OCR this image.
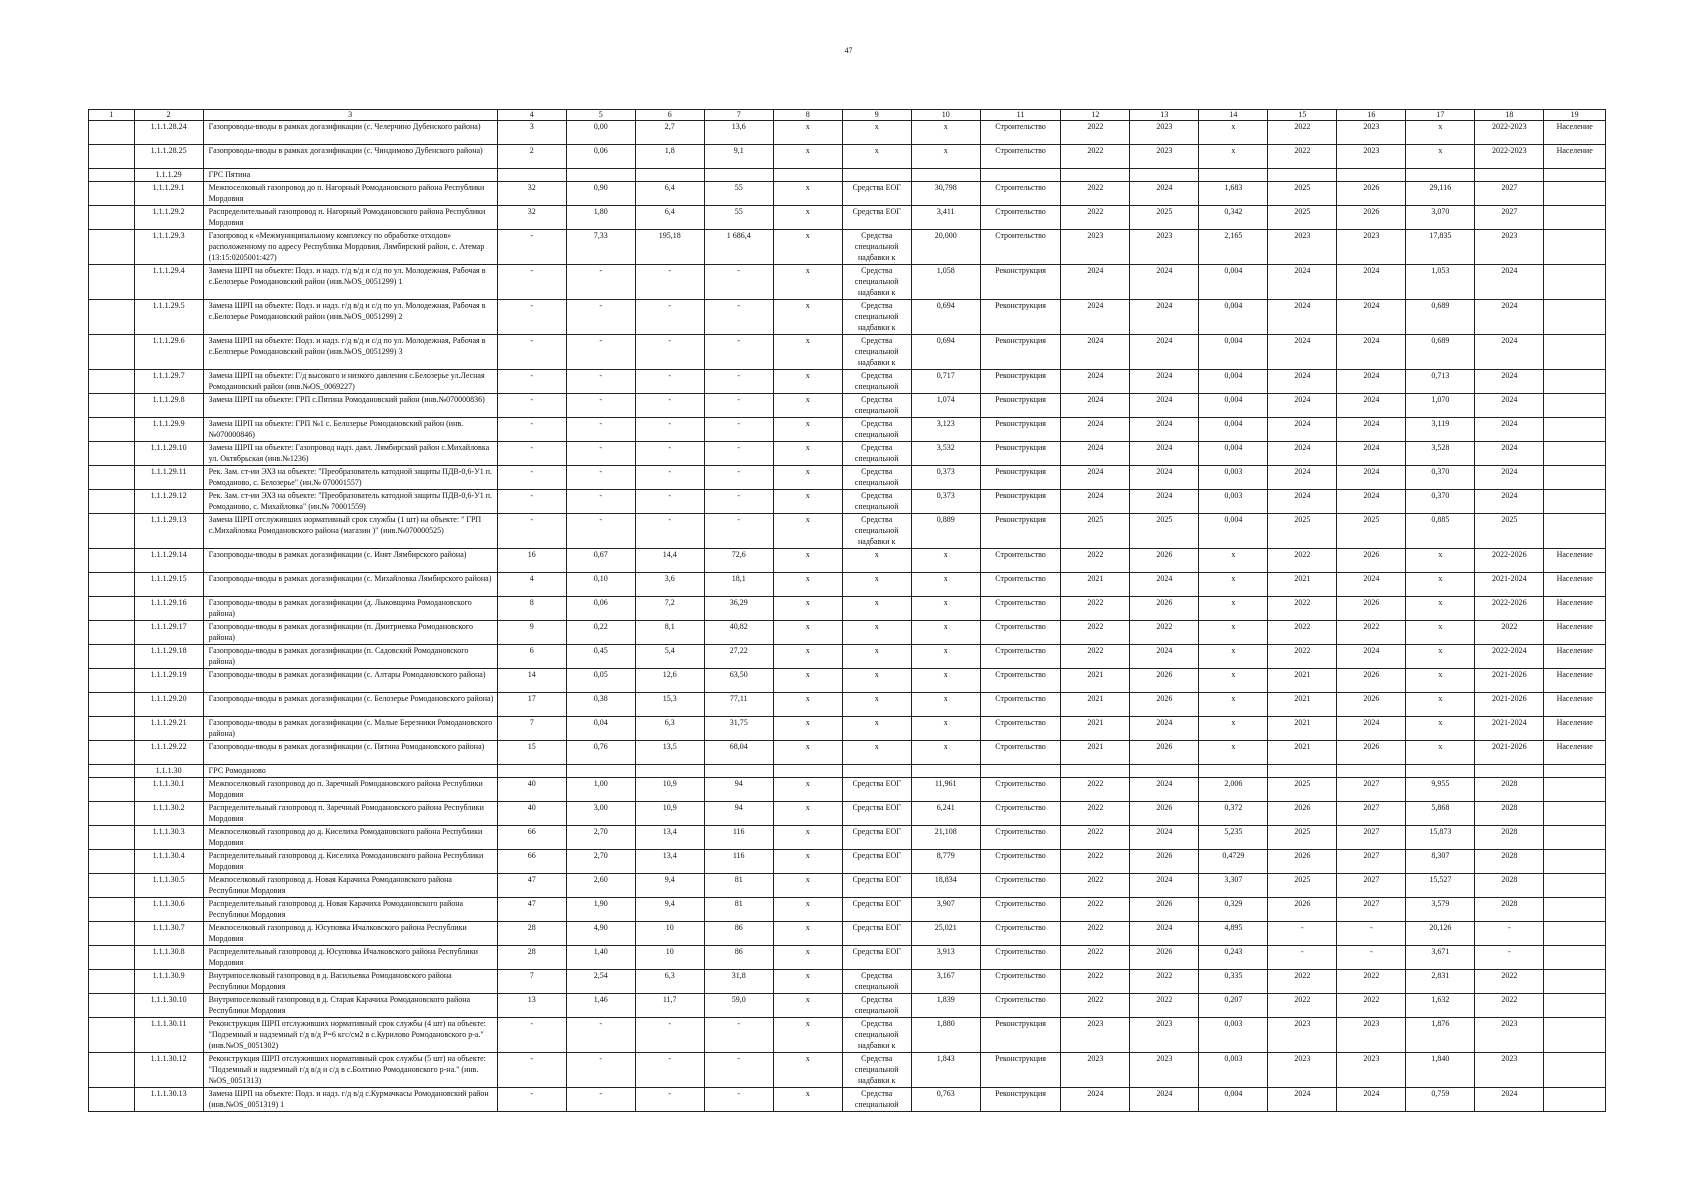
47
1	2	3	4	5	6	7	8	9	10	11	12	13	14	15	16	17	18	19
	1.1.1.28.24	Газопроводы-вводы в рамках догазификации (с. Челерчино Дубенского района)	3	0,00	2,7	13,6	x	x	x	Строительство	2022	2023	x	2022	2023	x	2022-2023	Население
	1.1.1.28.25	Газопроводы-вводы в рамках догазификации (с. Чиндимово Дубенского района)	2	0,06	1,8	9,1	x	x	x	Строительство	2022	2023	x	2022	2023	x	2022-2023	Население
	1.1.1.29	ГРС Пятина																
	1.1.1.29.1	Межпоселковый газопровод до п. Нагорный Ромодановского района Республики Мордовия	32	0,90	6,4	55	x	Средства ЕОГ	30,798	Строительство	2022	2024	1,683	2025	2026	29,116	2027	
	1.1.1.29.2	Распределительный газопровод п. Нагорный Ромодановского района Республики Мордовия	32	1,80	6,4	55	x	Средства ЕОГ	3,411	Строительство	2022	2025	0,342	2025	2026	3,070	2027	
	1.1.1.29.3	Газопровод к «Межмуниципальному комплексу по обработке отходов» расположенному по адресу Республика Мордовия, Лямбирский район, с. Атемар (13:15:0205001:427)	-	7,33	195,18	1 686,4	x	Средства специальной надбавки к	20,000	Строительство	2023	2023	2,165	2023	2023	17,835	2023	
	1.1.1.29.4	Замена ШРП на объекте: Подз. и надз. г/д в/д и с/д по ул. Молодежная, Рабочая в с.Белозерье Ромодановский район (инв.№OS_0051299) 1	-	-	-	-	x	Средства специальной надбавки к	1,058	Реконструкция	2024	2024	0,004	2024	2024	1,053	2024	
	1.1.1.29.5	Замена ШРП на объекте: Подз. и надз. г/д в/д и с/д по ул. Молодежная, Рабочая в с.Белозерье Ромодановский район (инв.№OS_0051299) 2	-	-	-	-	x	Средства специальной надбавки к	0,694	Реконструкция	2024	2024	0,004	2024	2024	0,689	2024	
	1.1.1.29.6	Замена ШРП на объекте: Подз. и надз. г/д в/д и с/д по ул. Молодежная, Рабочая в с.Белозерье Ромодановский район (инв.№OS_0051299) 3	-	-	-	-	x	Средства специальной надбавки к	0,694	Реконструкция	2024	2024	0,004	2024	2024	0,689	2024	
	1.1.1.29.7	Замена ШРП на объекте: Г/д высокого и низкого давления с.Белозерье ул.Лесная Ромодановский район (инв.№OS_0069227)	-	-	-	-	x	Средства специальной	0,717	Реконструкция	2024	2024	0,004	2024	2024	0,713	2024	
	1.1.1.29.8	Замена ШРП на объекте: ГРП с.Пятина Ромодановский район (инв.№070000836)	-	-	-	-	x	Средства специальной	1,074	Реконструкция	2024	2024	0,004	2024	2024	1,070	2024	
	1.1.1.29.9	Замена ШРП на объекте: ГРП №1 с. Белозерье Ромодановский район (инв. №070000846)	-	-	-	-	x	Средства специальной	3,123	Реконструкция	2024	2024	0,004	2024	2024	3,119	2024	
	1.1.1.29.10	Замена ШРП на объекте: Газопровод надз. давл. Лямбирский район с.Михайловка ул. Октябрьская (инв.№1236)	-	-	-	-	x	Средства специальной	3,532	Реконструкция	2024	2024	0,004	2024	2024	3,528	2024	
	1.1.1.29.11	Рек. Зам. ст-ии ЭХЗ на объекте: "Преобразователь катодной защиты ПДВ-0,6-У1 п. Ромоданово, с. Белозерье" (ин.№ 070001557)	-	-	-	-	x	Средства специальной	0,373	Реконструкция	2024	2024	0,003	2024	2024	0,370	2024	
	1.1.1.29.12	Рек. Зам. ст-ии ЭХЗ на объекте: "Преобразователь катодной защиты ПДВ-0,6-У1 п. Ромоданово, с. Михайловка" (ин.№ 70001559)	-	-	-	-	x	Средства специальной	0,373	Реконструкция	2024	2024	0,003	2024	2024	0,370	2024	
	1.1.1.29.13	Замена ШРП отслуживших нормативный срок службы (1 шт) на объекте: " ГРП с.Михайловка Ромодановского района (магазин )" (инв.№070000525)	-	-	-	-	x	Средства специальной надбавки к	0,889	Реконструкция	2025	2025	0,004	2025	2025	0,885	2025	
	1.1.1.29.14	Газопроводы-вводы в рамках догазификации (с. Инят Лямбирского района)	16	0,67	14,4	72,6	x	x	x	Строительство	2022	2026	x	2022	2026	x	2022-2026	Население
	1.1.1.29.15	Газопроводы-вводы в рамках догазификации (с. Михайловка Лямбирского района)	4	0,10	3,6	18,1	x	x	x	Строительство	2021	2024	x	2021	2024	x	2021-2024	Население
	1.1.1.29.16	Газопроводы-вводы в рамках догазификации (д. Лыковщина Ромодановского района)	8	0,06	7,2	36,29	x	x	x	Строительство	2022	2026	x	2022	2026	x	2022-2026	Население
	1.1.1.29.17	Газопроводы-вводы в рамках догазификации (п. Дмитриевка Ромодановского района)	9	0,22	8,1	40,82	x	x	x	Строительство	2022	2022	x	2022	2022	x	2022	Население
	1.1.1.29.18	Газопроводы-вводы в рамках догазификации (п. Садовский Ромодановского района)	6	0,45	5,4	27,22	x	x	x	Строительство	2022	2024	x	2022	2024	x	2022-2024	Население
	1.1.1.29.19	Газопроводы-вводы в рамках догазификации (с. Алтары Ромодановского района)	14	0,05	12,6	63,50	x	x	x	Строительство	2021	2026	x	2021	2026	x	2021-2026	Население
	1.1.1.29.20	Газопроводы-вводы в рамках догазификации (с. Белозерье Ромодановского района)	17	0,38	15,3	77,11	x	x	x	Строительство	2021	2026	x	2021	2026	x	2021-2026	Население
	1.1.1.29.21	Газопроводы-вводы в рамках догазификации (с. Малые Березники Ромодановского района)	7	0,04	6,3	31,75	x	x	x	Строительство	2021	2024	x	2021	2024	x	2021-2024	Население
	1.1.1.29.22	Газопроводы-вводы в рамках догазификации (с. Пятина Ромодановского района)	15	0,76	13,5	68,04	x	x	x	Строительство	2021	2026	x	2021	2026	x	2021-2026	Население
	1.1.1.30	ГРС Ромоданово																
	1.1.1.30.1	Межпоселковый газопровод до п. Заречный Ромодановского района Республики Мордовия	40	1,00	10,9	94	x	Средства ЕОГ	11,961	Строительство	2022	2024	2,006	2025	2027	9,955	2028	
	1.1.1.30.2	Распределительный газопровод п. Заречный Ромодановского района Республики Мордовия	40	3,00	10,9	94	x	Средства ЕОГ	6,241	Строительство	2022	2026	0,372	2026	2027	5,868	2028	
	1.1.1.30.3	Межпоселковый газопровод до д. Киселиха Ромодановского района Республики Мордовия	66	2,70	13,4	116	x	Средства ЕОГ	21,108	Строительство	2022	2024	5,235	2025	2027	15,873	2028	
	1.1.1.30.4	Распределительный газопровод д. Киселиха Ромодановского района Республики Мордовия	66	2,70	13,4	116	x	Средства ЕОГ	8,779	Строительство	2022	2026	0,4729	2026	2027	8,307	2028	
	1.1.1.30.5	Межпоселковый газопровод д. Новая Карачиха Ромодановского района Республики Мордовия	47	2,60	9,4	81	x	Средства ЕОГ	18,834	Строительство	2022	2024	3,307	2025	2027	15,527	2028	
	1.1.1.30.6	Распределительный газопровод д. Новая Карачиха Ромодановского района Республики Мордовия	47	1,90	9,4	81	x	Средства ЕОГ	3,907	Строительство	2022	2026	0,329	2026	2027	3,579	2028	
	1.1.1.30.7	Межпоселковый газопровод д. Юсуповка Ичалковского района Республики Мордовия	28	4,90	10	86	x	Средства ЕОГ	25,021	Строительство	2022	2024	4,895	-	-	20,126	-	
	1.1.1.30.8	Распределительный газопровод д. Юсуповка Ичалковского района Республики Мордовия	28	1,40	10	86	x	Средства ЕОГ	3,913	Строительство	2022	2026	0,243	-	-	3,671	-	
	1.1.1.30.9	Внутрипоселковый газопровод в д. Васильевка Ромодановского района Республики Мордовия	7	2,54	6,3	31,8	x	Средства специальной	3,167	Строительство	2022	2022	0,335	2022	2022	2,831	2022	
	1.1.1.30.10	Внутрипоселковый газопровод в д. Старая Карачиха Ромодановского района Республики Мордовия	13	1,46	11,7	59,0	x	Средства специальной	1,839	Строительство	2022	2022	0,207	2022	2022	1,632	2022	
	1.1.1.30.11	Реконструкция ШРП отслуживших нормативный срок службы (4 шт) на объекте: "Подземный и надземный г/д в/д Р=6 кгс/см2 в с.Курилово Ромодановского р-а." (инв.№OS_0051302)	-	-	-	-	x	Средства специальной надбавки к	1,880	Реконструкция	2023	2023	0,003	2023	2023	1,876	2023	
	1.1.1.30.12	Реконструкция ШРП отслуживших нормативный срок службы (5 шт) на объекте: "Подземный и надземный г/д в/д и с/д в с.Болтино Ромодановского р-на." (инв.№OS_0051313)	-	-	-	-	x	Средства специальной надбавки к	1,843	Реконструкция	2023	2023	0,003	2023	2023	1,840	2023	
	1.1.1.30.13	Замена ШРП на объекте: Подз. и надз. г/д в/д с.Курмачкасы Ромодановский район (инв.№OS_0051319) 1	-	-	-	-	x	Средства специальной	0,763	Реконструкция	2024	2024	0,004	2024	2024	0,759	2024	
